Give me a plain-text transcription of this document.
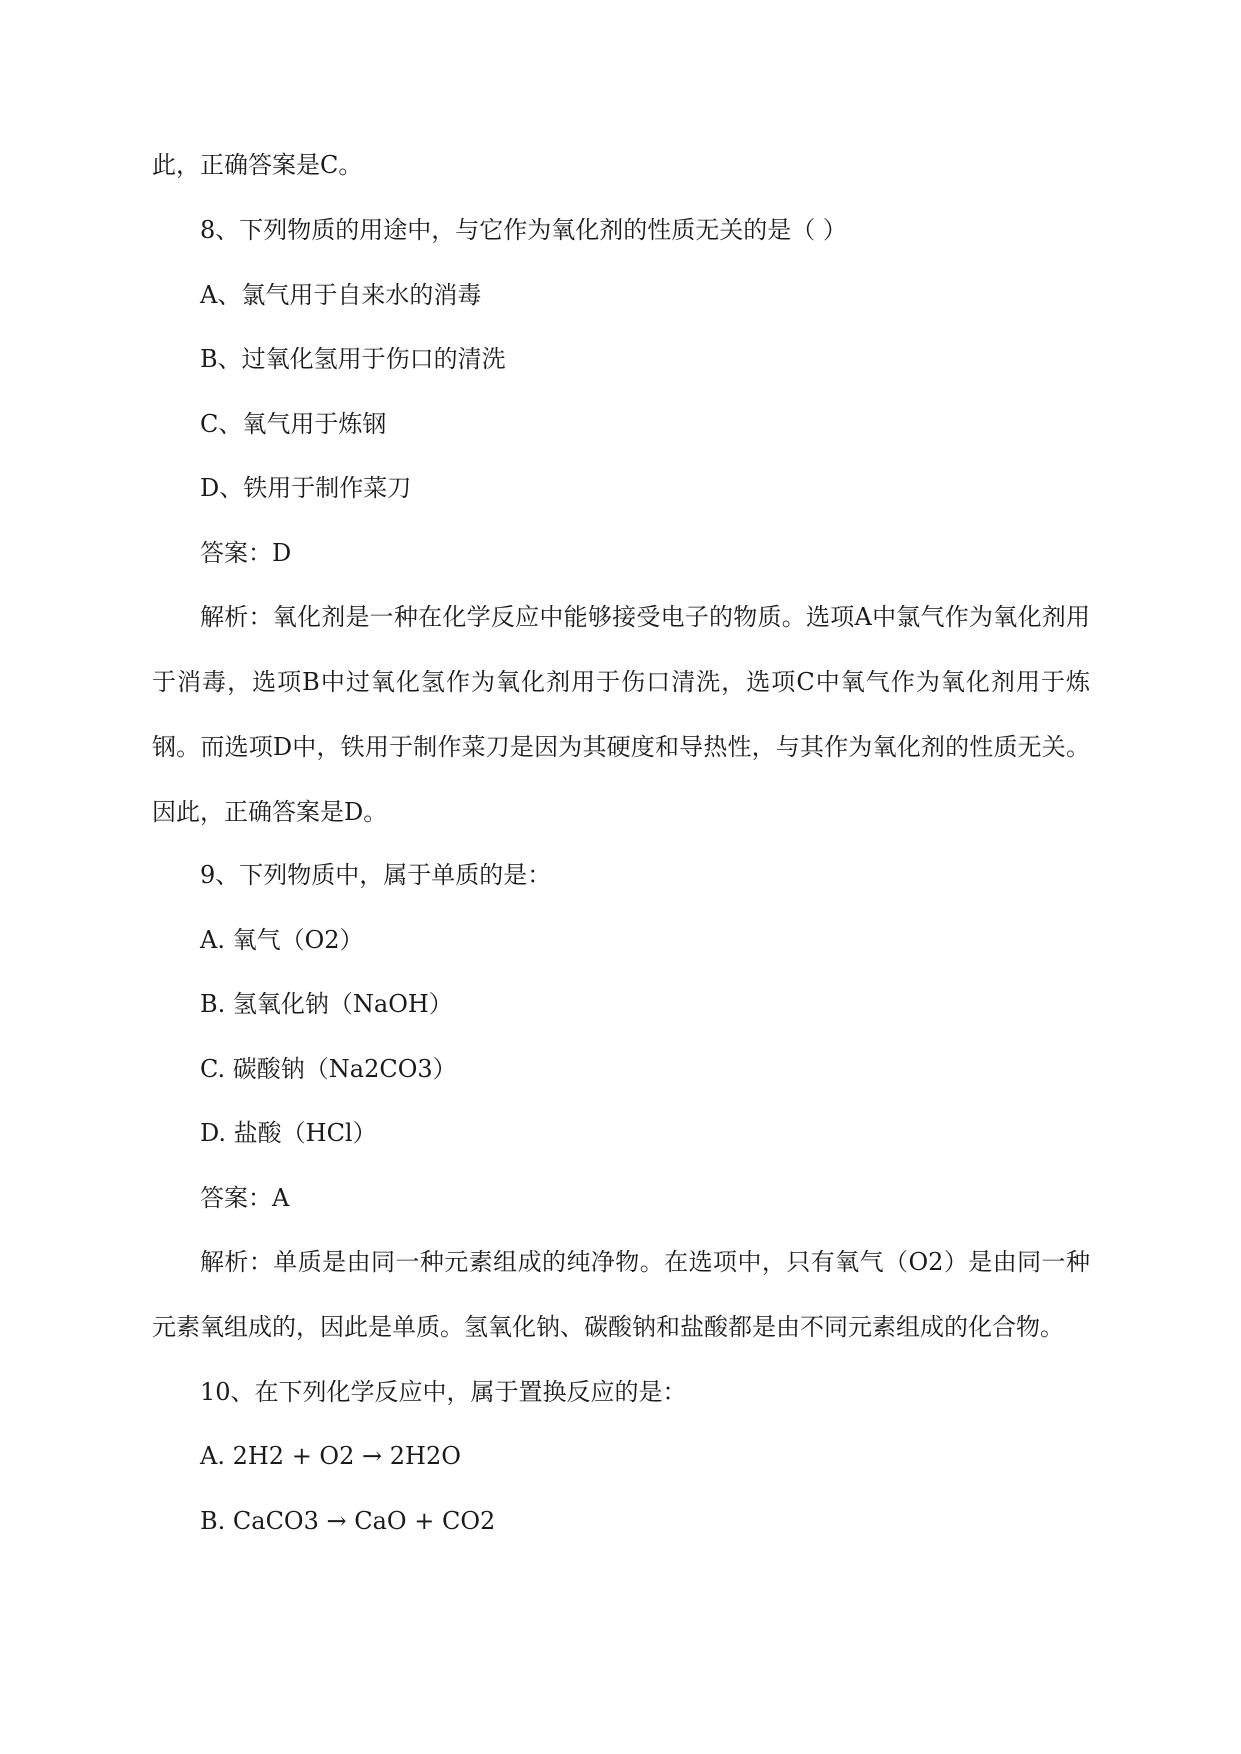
此，正确答案是C。
8、下列物质的用途中，与它作为氧化剂的性质无关的是（ ）
A、氯气用于自来水的消毒
B、过氧化氢用于伤口的清洗
C、氧气用于炼钢
D、铁用于制作菜刀
答案：D
解析：氧化剂是一种在化学反应中能够接受电子的物质。选项A中氯气作为氧化剂用于消毒，选项B中过氧化氢作为氧化剂用于伤口清洗，选项C中氧气作为氧化剂用于炼钢。而选项D中，铁用于制作菜刀是因为其硬度和导热性，与其作为氧化剂的性质无关。因此，正确答案是D。
9、下列物质中，属于单质的是：
A. 氧气（O2）
B. 氢氧化钠（NaOH）
C. 碳酸钠（Na2CO3）
D. 盐酸（HCl）
答案：A
解析：单质是由同一种元素组成的纯净物。在选项中，只有氧气（O2）是由同一种元素氧组成的，因此是单质。氢氧化钠、碳酸钠和盐酸都是由不同元素组成的化合物。
10、在下列化学反应中，属于置换反应的是：
A. 2H2 + O2 → 2H2O
B. CaCO3 → CaO + CO2
